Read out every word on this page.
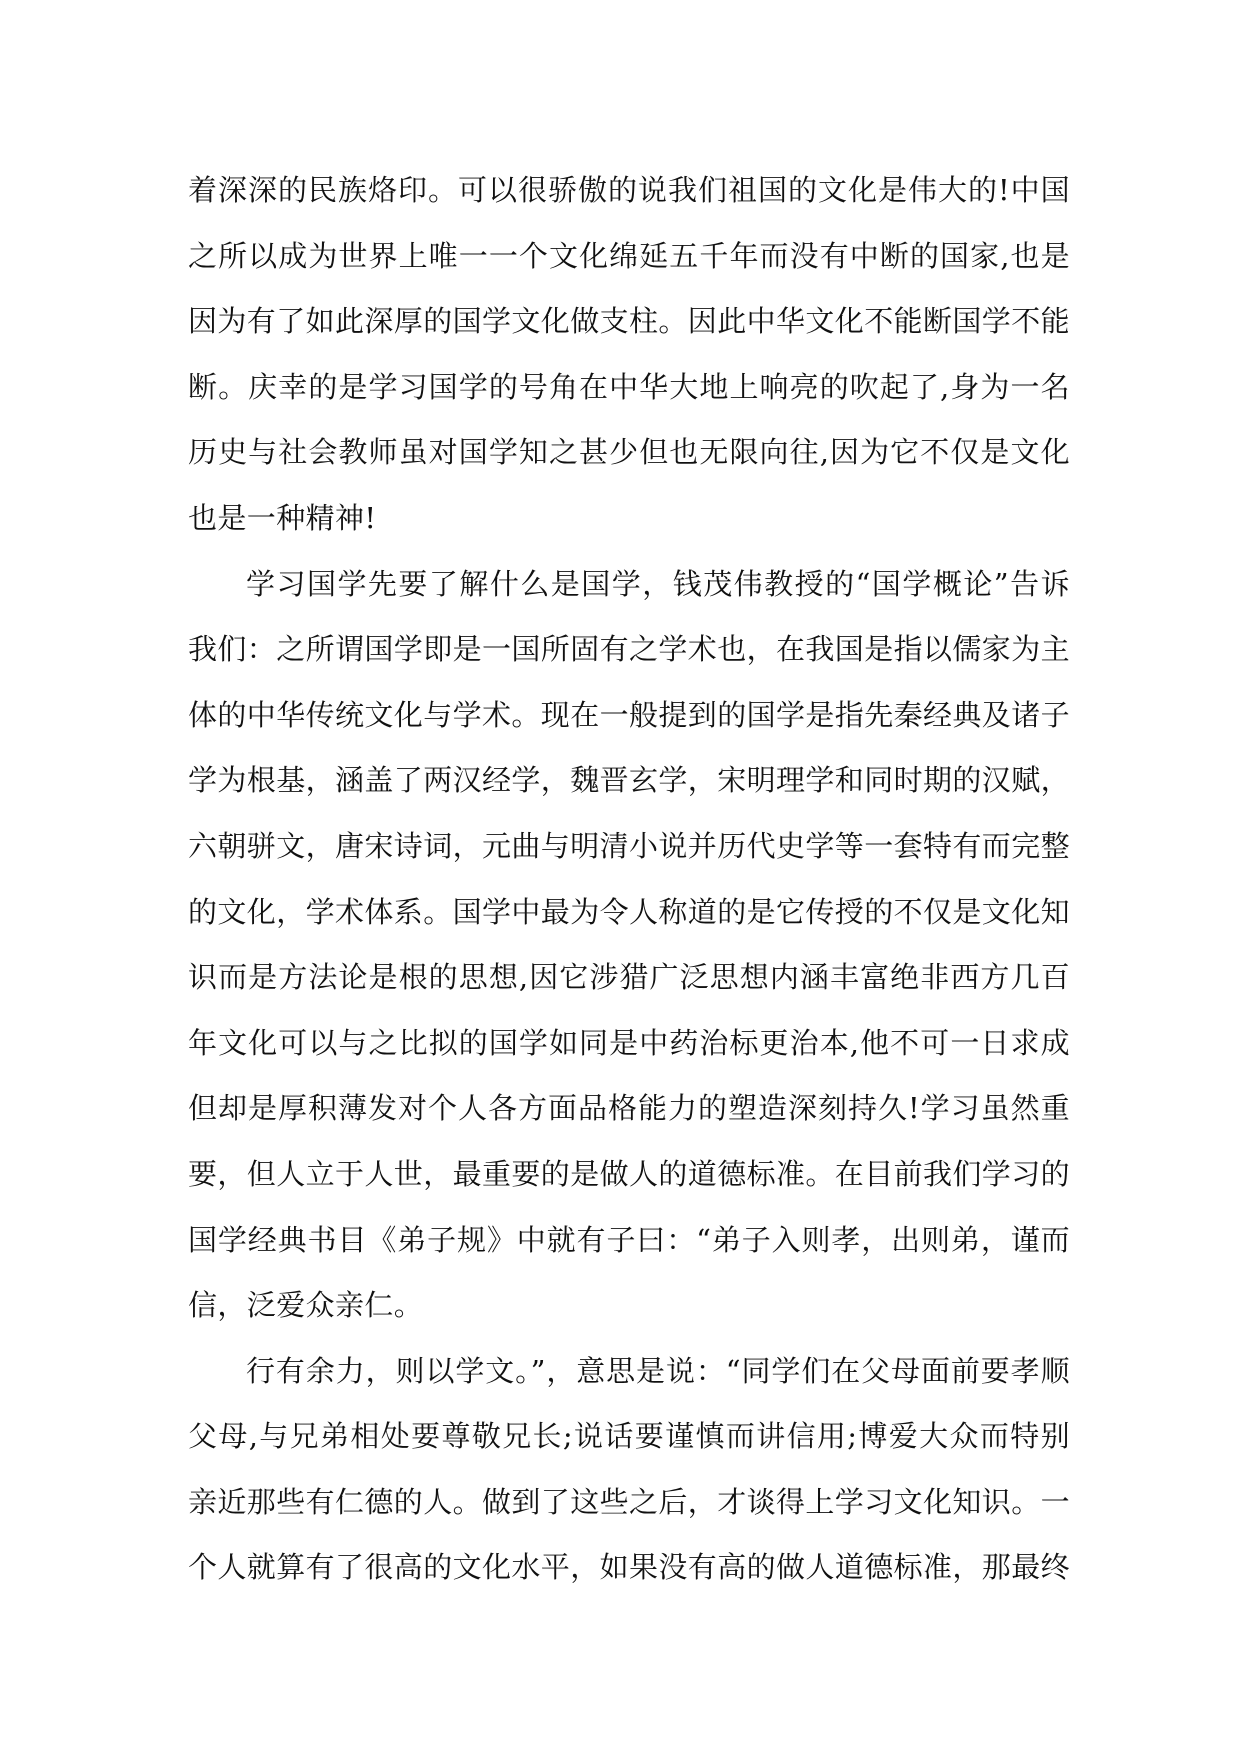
着深深的民族烙印。可以很骄傲的说我们祖国的文化是伟大的!中国之所以成为世界上唯一一个文化绵延五千年而没有中断的国家,也是因为有了如此深厚的国学文化做支柱。因此中华文化不能断国学不能断。庆幸的是学习国学的号角在中华大地上响亮的吹起了,身为一名历史与社会教师虽对国学知之甚少但也无限向往,因为它不仅是文化也是一种精神!

学习国学先要了解什么是国学，钱茂伟教授的“国学概论”告诉我们：之所谓国学即是一国所固有之学术也，在我国是指以儒家为主体的中华传统文化与学术。现在一般提到的国学是指先秦经典及诸子学为根基，涵盖了两汉经学，魏晋玄学，宋明理学和同时期的汉赋，六朝骈文，唐宋诗词，元曲与明清小说并历代史学等一套特有而完整的文化，学术体系。国学中最为令人称道的是它传授的不仅是文化知识而是方法论是根的思想,因它涉猎广泛思想内涵丰富绝非西方几百年文化可以与之比拟的国学如同是中药治标更治本,他不可一日求成但却是厚积薄发对个人各方面品格能力的塑造深刻持久!学习虽然重要，但人立于人世，最重要的是做人的道德标准。在目前我们学习的国学经典书目《弟子规》中就有子曰：“弟子入则孝，出则弟，谨而信，泛爱众亲仁。

行有余力，则以学文。”，意思是说：“同学们在父母面前要孝顺父母,与兄弟相处要尊敬兄长;说话要谨慎而讲信用;博爱大众而特别亲近那些有仁德的人。做到了这些之后，才谈得上学习文化知识。一个人就算有了很高的文化水平，如果没有高的做人道德标准，那最终
